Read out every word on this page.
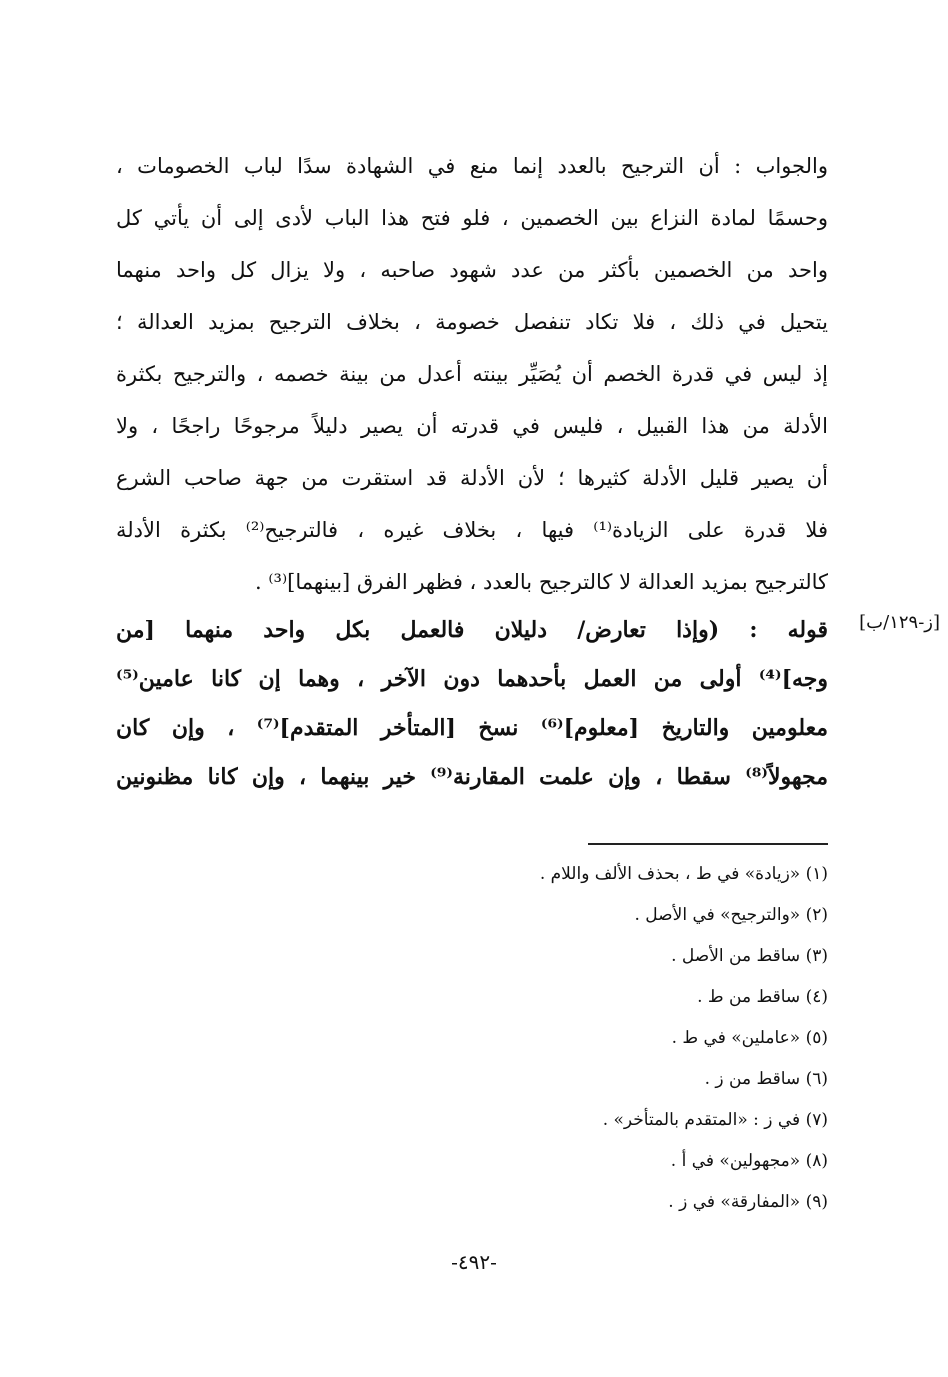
والجواب : أن الترجيح بالعدد إنما منع في الشهادة سدًا لباب الخصومات ،
وحسمًا لمادة النزاع بين الخصمين ، فلو فتح هذا الباب لأدى إلى أن يأتي كل
واحد من الخصمين بأكثر من عدد شهود صاحبه ، ولا يزال كل واحد منهما
يتحيل في ذلك ، فلا تكاد تنفصل خصومة ، بخلاف الترجيح بمزيد العدالة ؛
إذ ليس في قدرة الخصم أن يُصَيِّر بينته أعدل من بينة خصمه ، والترجيح بكثرة
الأدلة من هذا القبيل ، فليس في قدرته أن يصير دليلاً مرجوحًا راجحًا ، ولا
أن يصير قليل الأدلة كثيرها ؛ لأن الأدلة قد استقرت من جهة صاحب الشرع
فلا قدرة على الزيادة⁽¹⁾ فيها ، بخلاف غيره ، فالترجيح⁽²⁾ بكثرة الأدلة
كالترجيح بمزيد العدالة لا كالترجيح بالعدد ، فظهر الفرق [بينهما]⁽³⁾ .
[ز-١٢٩/ب]
قوله : (وإذا تعارض/ دليلان فالعمل بكل واحد منهما [من
وجه]⁽⁴⁾ أولى من العمل بأحدهما دون الآخر ، وهما إن كانا عامين⁽⁵⁾
معلومين والتاريخ [معلوم]⁽⁶⁾ نسخ [المتأخر المتقدم]⁽⁷⁾ ، وإن كان
مجهولاً⁽⁸⁾ سقطا ، وإن علمت المقارنة⁽⁹⁾ خير بينهما ، وإن كانا مظنونين
(١) «زيادة» في ط ، بحذف الألف واللام .
(٢) «والترجيح» في الأصل .
(٣) ساقط من الأصل .
(٤) ساقط من ط .
(٥) «عاملين» في ط .
(٦) ساقط من ز .
(٧) في ز : «المتقدم بالمتأخر» .
(٨) «مجهولين» في أ .
(٩) «المفارقة» في ز .
-٤٩٢-
